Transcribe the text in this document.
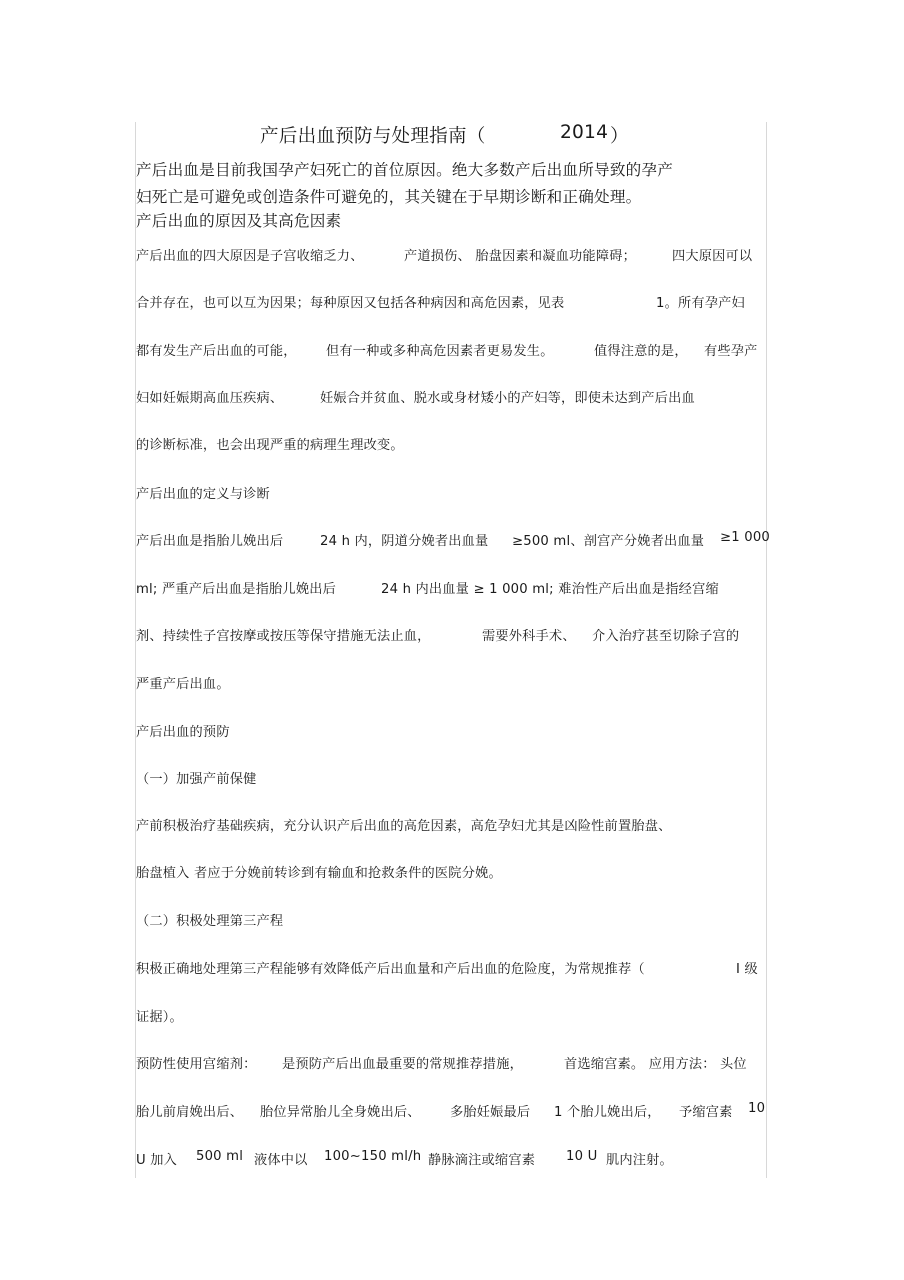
产后出血预防与处理指南（	2014 ）
产后出血是目前我国孕产妇死亡的首位原因。绝大多数产后出血所导致的孕产
妇死亡是可避免或创造条件可避免的，其关键在于早期诊断和正确处理。
产后出血的原因及其高危因素
产后出血的四大原因是子宫收缩乏力、	产道损伤、 胎盘因素和凝血功能障碍；	四大原因可以
合并存在，也可以互为因果；每种原因又包括各种病因和高危因素，见表	1。所有孕产妇
都有发生产后出血的可能， 但有一种或多种高危因素者更易发生。	值得注意的是， 有些孕产
妇如妊娠期高血压疾病、	妊娠合并贫血、脱水或身材矮小的产妇等，即使未达到产后出血
的诊断标准，也会出现严重的病理生理改变。
产后出血的定义与诊断
产后出血是指胎儿娩出后	24 h 内，阴道分娩者出血量 ≥500 ml、剖宫产分娩者出血量 ≥1 000
ml; 严重产后出血是指胎儿娩出后	24 h 内出血量 ≥ 1 000 ml; 难治性产后出血是指经宫缩
剂、持续性子宫按摩或按压等保守措施无法止血，	需要外科手术、 介入治疗甚至切除子宫的
严重产后出血。
产后出血的预防
（一）加强产前保健
产前积极治疗基础疾病，充分认识产后出血的高危因素，高危孕妇尤其是凶险性前置胎盘、
胎盘植入 者应于分娩前转诊到有输血和抢救条件的医院分娩。
（二）积极处理第三产程
积极正确地处理第三产程能够有效降低产后出血量和产后出血的危险度，为常规推荐（	Ⅰ 级
证据）。
预防性使用宫缩剂： 是预防产后出血最重要的常规推荐措施，	首选缩宫素。 应用方法： 头位
胎儿前肩娩出后、 胎位异常胎儿全身娩出后、 多胎妊娠最后 1 个胎儿娩出后， 予缩宫素 10
U 加入 500 ml 液体中以 100~150 ml/h 静脉滴注或缩宫素 10 U 肌内注射。
